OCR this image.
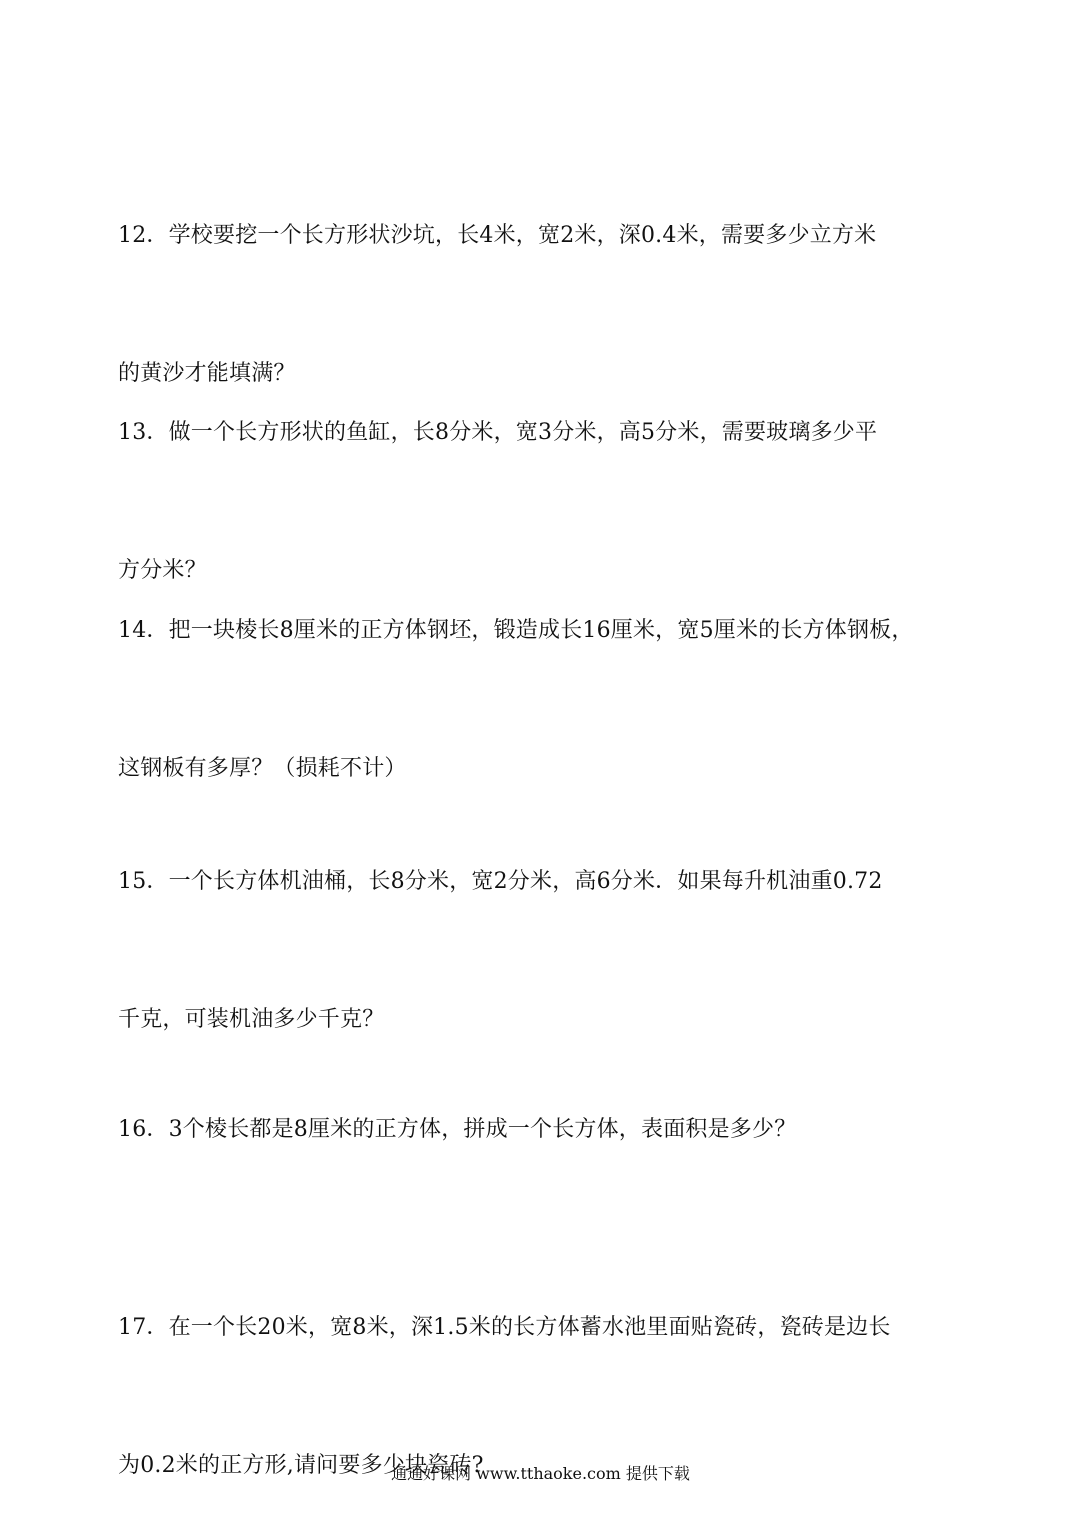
12．学校要挖一个长方形状沙坑，长4米，宽2米，深0.4米，需要多少立方米

的黄沙才能填满？

13．做一个长方形状的鱼缸，长8分米，宽3分米，高5分米，需要玻璃多少平

方分米？

14．把一块棱长8厘米的正方体钢坯，锻造成长16厘米，宽5厘米的长方体钢板，

这钢板有多厚？（损耗不计）

15．一个长方体机油桶，长8分米，宽2分米，高6分米．如果每升机油重0.72

千克，可装机油多少千克？

16．3个棱长都是8厘米的正方体，拼成一个长方体，表面积是多少？

17．在一个长20米，宽8米，深1.5米的长方体蓄水池里面贴瓷砖，瓷砖是边长

为0.2米的正方形,请问要多少块瓷砖?

通通好课网 www.tthaoke.com 提供下载
